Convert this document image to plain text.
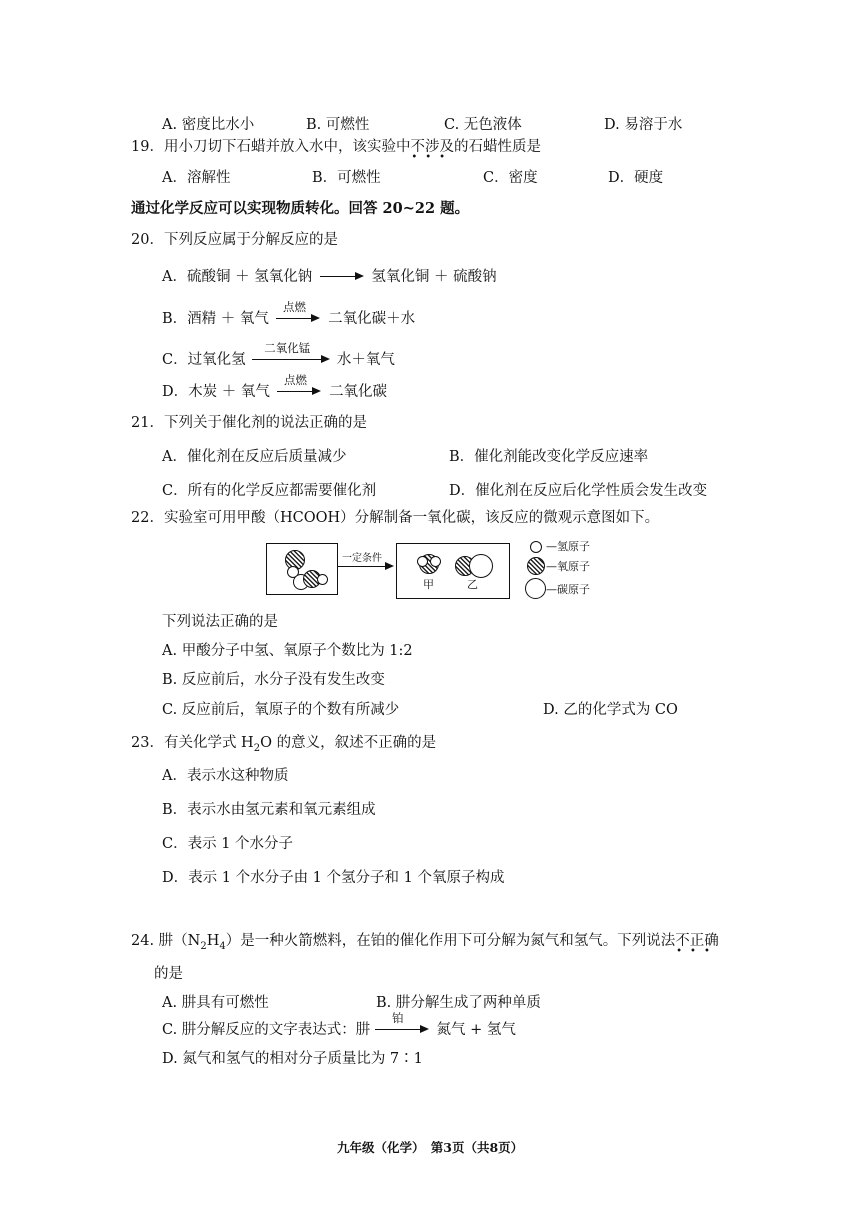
A. 密度比水小	B. 可燃性	C. 无色液体	D. 易溶于水
19．用小刀切下石蜡并放入水中，该实验中不涉及
•••
的石蜡性质是
A．溶解性	B．可燃性	C．密度	D．硬度
通过化学反应可以实现物质转化。回答 20~22 题。
20．下列反应属于分解反应的是
A．硫酸铜 ＋ 氢氧化钠	氢氧化铜 ＋ 硫酸钠
B．酒精 ＋ 氧气
点燃
二氧化碳＋水
C．过氧化氢
二氧化锰
水＋氧气
D．木炭 ＋ 氧气
点燃
二氧化碳
21．下列关于催化剂的说法正确的是
A．催化剂在反应后质量减少	B．催化剂能改变化学反应速率
C．所有的化学反应都需要催化剂	D．催化剂在反应后化学性质会发生改变
22．实验室可用甲酸（HCOOH）分解制备一氧化碳，该反应的微观示意图如下。
一定条件
甲	乙
—氢原子
—氧原子
—碳原子
下列说法正确的是
A. 甲酸分子中氢、氧原子个数比为 1:2
B. 反应前后，水分子没有发生改变
C. 反应前后，氧原子的个数有所减少	D. 乙的化学式为 CO
23．有关化学式 $H_2O$ 的意义，叙述不正确的是
A．表示水这种物质
B．表示水由氢元素和氧元素组成
C．表示 1 个水分子
D．表示 1 个水分子由 1 个氢分子和 1 个氧原子构成
24. 肼$(N_2H_4)$是一种火箭燃料，在铂的催化作用下可分解为氮气和氢气。下列说法不正确
•••
的是
A. 肼具有可燃性	B. 肼分解生成了两种单质
C. 肼分解反应的文字表达式：肼
铂
氮气 + 氢气
D. 氮气和氢气的相对分子质量比为 7∶1
九年级（化学）　第3页（共8页）
